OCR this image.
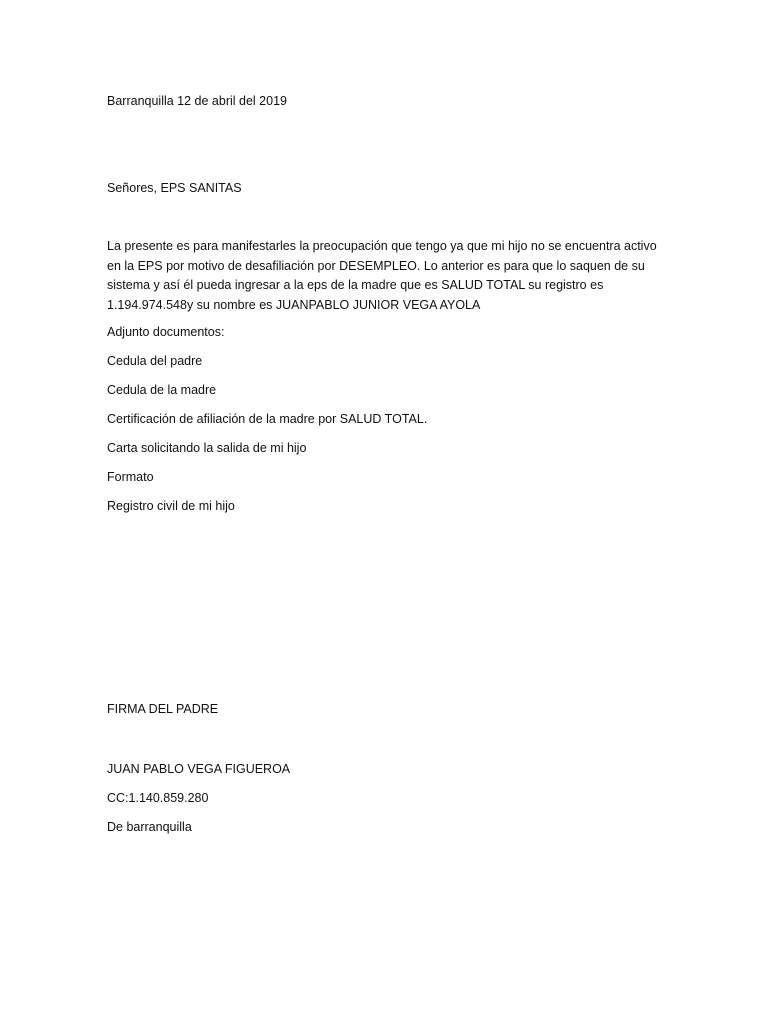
Barranquilla 12 de abril del 2019

Señores, EPS SANITAS

La presente es para manifestarles la preocupación que tengo ya que mi hijo no se encuentra activo
en la EPS por motivo de desafiliación por DESEMPLEO. Lo anterior es para que lo saquen de su
sistema y así él pueda ingresar a la eps de la madre que es SALUD TOTAL su registro es
1.194.974.548y su nombre es JUANPABLO JUNIOR VEGA AYOLA

Adjunto documentos:

Cedula del padre

Cedula de la madre

Certificación de afiliación de la madre por SALUD TOTAL.

Carta solicitando la salida de mi hijo

Formato

Registro civil de mi hijo

FIRMA DEL PADRE

JUAN PABLO VEGA FIGUEROA

CC:1.140.859.280

De barranquilla
